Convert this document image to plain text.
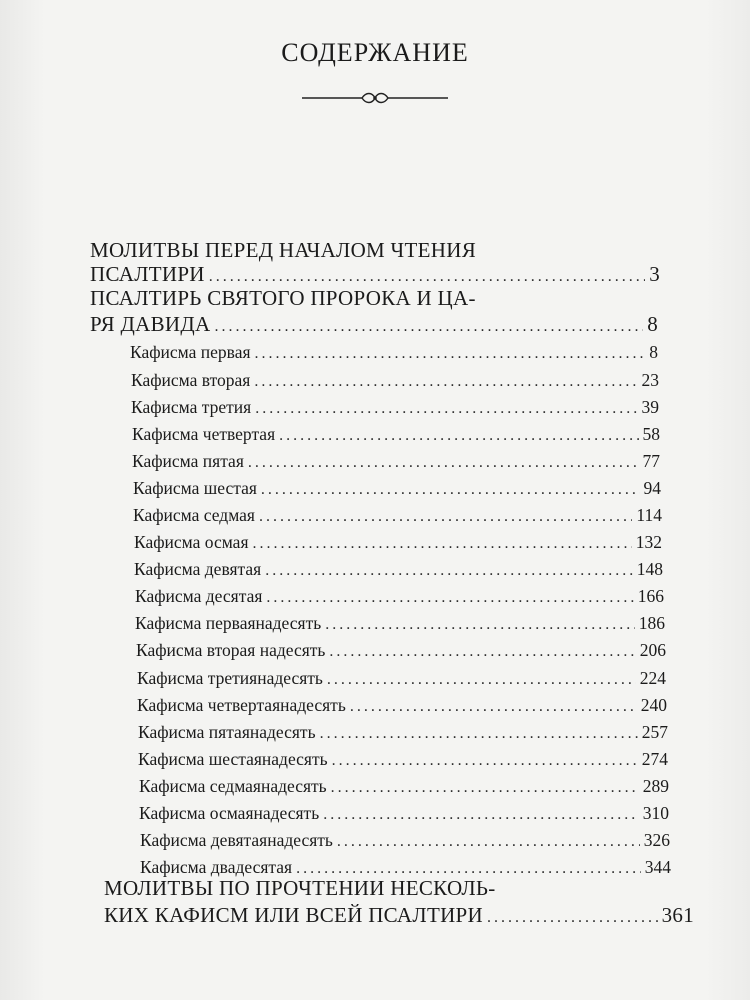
СОДЕРЖАНИЕ
МОЛИТВЫ ПЕРЕД НАЧАЛОМ ЧТЕНИЯ
ПСАЛТИРИ .....	3
ПСАЛТИРЬ СВЯТОГО ПРОРОКА И ЦА-
РЯ ДАВИДА .....	8
Кафисма первая .....	8
Кафисма вторая .....	23
Кафисма третия .....	39
Кафисма четвертая .....	58
Кафисма пятая .....	77
Кафисма шестая .....	94
Кафисма седмая .....	114
Кафисма осмая .....	132
Кафисма девятая .....	148
Кафисма десятая .....	166
Кафисма перваянадесять .....	186
Кафисма вторая надесять .....	206
Кафисма третиянадесять .....	224
Кафисма четвертаянадесять .....	240
Кафисма пятаянадесять .....	257
Кафисма шестаянадесять .....	274
Кафисма седмаянадесять .....	289
Кафисма осмаянадесять .....	310
Кафисма девятаянадесять .....	326
Кафисма двадесятая .....	344
МОЛИТВЫ ПО ПРОЧТЕНИИ НЕСКОЛЬ-
КИХ КАФИСМ ИЛИ ВСЕЙ ПСАЛТИРИ .....	361
